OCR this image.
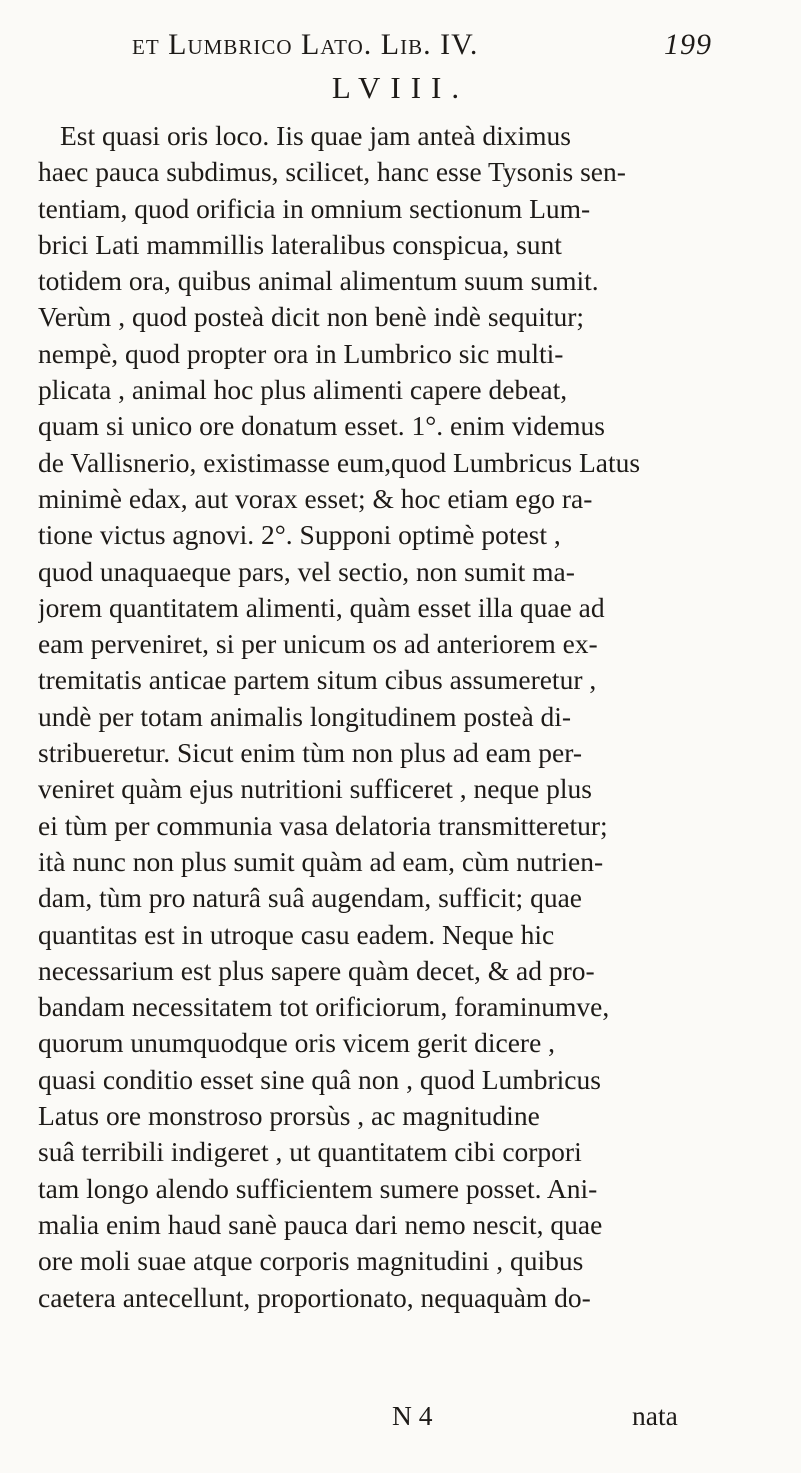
et Lumbrico Lato. Lib. IV.	199
LVIII.
Est quasi oris loco. Iis quae jam anteà diximus
haec pauca subdimus, scilicet, hanc esse Tysonis sen-
tentiam, quod orificia in omnium sectionum Lum-
brici Lati mammillis lateralibus conspicua, sunt
totidem ora, quibus animal alimentum suum sumit.
Verùm , quod posteà dicit non benè indè sequitur;
nempè, quod propter ora in Lumbrico sic multi-
plicata , animal hoc plus alimenti capere debeat,
quam si unico ore donatum esset. 1°. enim videmus
de Vallisnerio, existimasse eum,quod Lumbricus Latus
minimè edax, aut vorax esset; & hoc etiam ego ra-
tione victus agnovi. 2°. Supponi optimè potest ,
quod unaquaeque pars, vel sectio, non sumit ma-
jorem quantitatem alimenti, quàm esset illa quae ad
eam perveniret, si per unicum os ad anteriorem ex-
tremitatis anticae partem situm cibus assumeretur ,
undè per totam animalis longitudinem posteà di-
stribueretur. Sicut enim tùm non plus ad eam per-
veniret quàm ejus nutritioni sufficeret , neque plus
ei tùm per communia vasa delatoria transmitteretur;
ità nunc non plus sumit quàm ad eam, cùm nutrien-
dam, tùm pro naturâ suâ augendam, sufficit; quae
quantitas est in utroque casu eadem. Neque hic
necessarium est plus sapere quàm decet, & ad pro-
bandam necessitatem tot orificiorum, foraminumve,
quorum unumquodque oris vicem gerit dicere ,
quasi conditio esset sine quâ non , quod Lumbricus
Latus ore monstroso prorsùs , ac magnitudine
suâ terribili indigeret , ut quantitatem cibi corpori
tam longo alendo sufficientem sumere posset. Ani-
malia enim haud sanè pauca dari nemo nescit, quae
ore moli suae atque corporis magnitudini , quibus
caetera antecellunt, proportionato, nequaquàm do-
N 4	nata
